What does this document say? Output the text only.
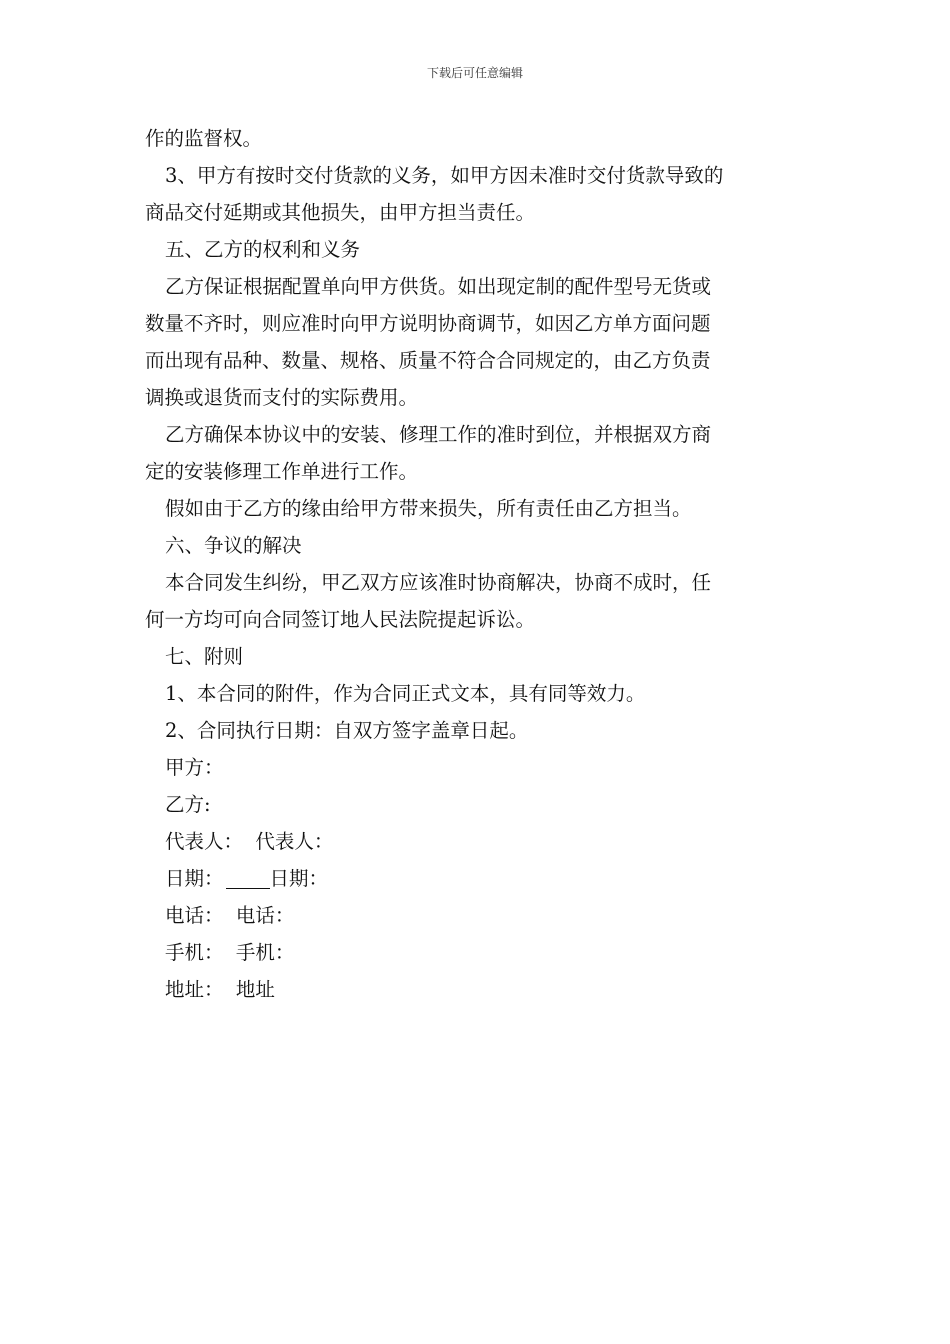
下载后可任意编辑

作的监督权。

3、甲方有按时交付货款的义务，如甲方因未准时交付货款导致的

商品交付延期或其他损失，由甲方担当责任。

五、乙方的权利和义务

乙方保证根据配置单向甲方供货。如出现定制的配件型号无货或

数量不齐时，则应准时向甲方说明协商调节，如因乙方单方面问题

而出现有品种、数量、规格、质量不符合合同规定的，由乙方负责

调换或退货而支付的实际费用。

乙方确保本协议中的安装、修理工作的准时到位，并根据双方商

定的安装修理工作单进行工作。

假如由于乙方的缘由给甲方带来损失，所有责任由乙方担当。

六、争议的解决

本合同发生纠纷，甲乙双方应该准时协商解决，协商不成时，任

何一方均可向合同签订地人民法院提起诉讼。

七、附则

1、本合同的附件，作为合同正式文本，具有同等效力。

2、合同执行日期：自双方签字盖章日起。

甲方：

乙方:

代表人：  代表人：

日期： 日期：

电话：  电话：

手机：  手机：

地址：  地址
